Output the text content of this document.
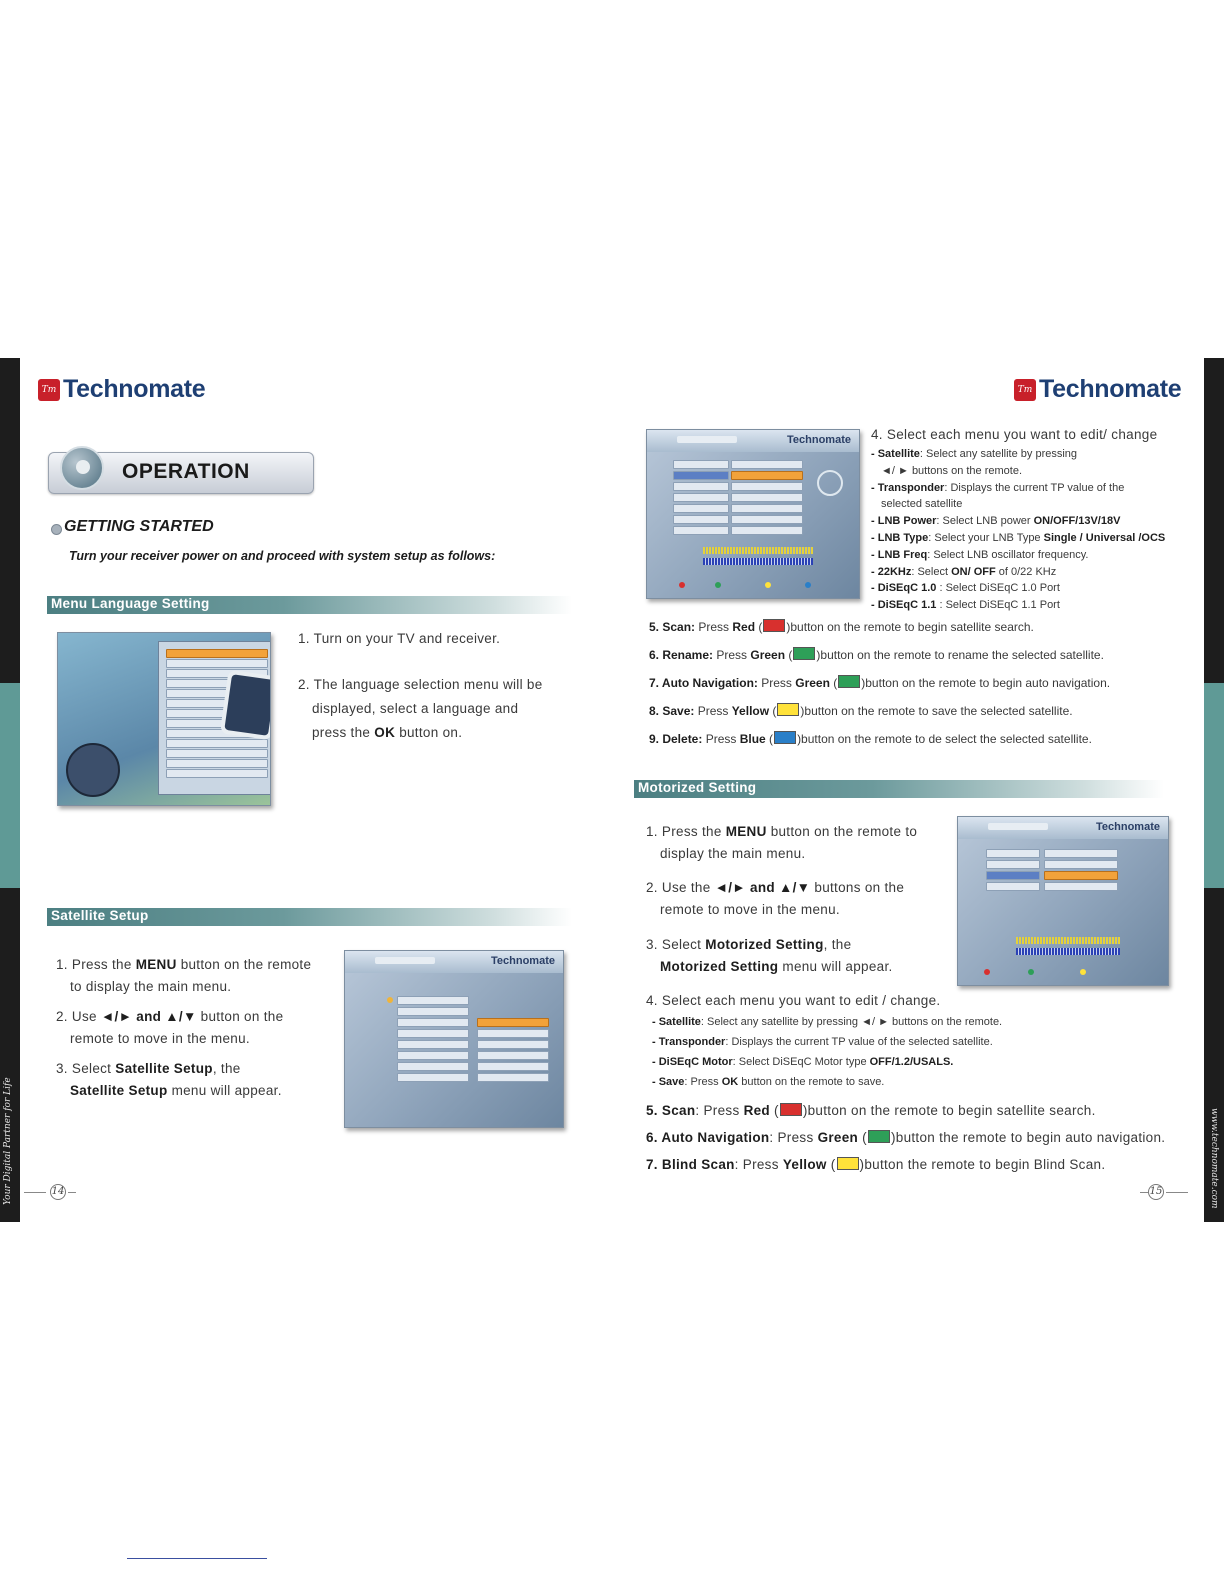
Your Digital Partner for Life	www.technomate.com
Tm Technomate	Tm Technomate
OPERATION
GETTING STARTED
Turn your receiver power on and proceed with system setup as follows:
Menu Language Setting
1. Turn on your TV and receiver.
2. The language selection menu will be
displayed, select a language and
press the OK button on.
Satellite Setup
1. Press the MENU button on the remote
to display the main menu.
2. Use ◄/► and ▲/▼ button on the
remote to move in the menu.
3. Select Satellite Setup, the
Satellite Setup menu will appear.
Technomate
14
Technomate 4. Select each menu you want to edit/ change
- Satellite: Select any satellite by pressing
◄/ ► buttons on the remote.
- Transponder: Displays the current TP value of the
selected satellite
- LNB Power: Select LNB power ON/OFF/13V/18V
- LNB Type: Select your LNB Type Single / Universal /OCS
- LNB Freq: Select LNB oscillator frequency.
- 22KHz: Select ON/ OFF of 0/22 KHz
- DiSEqC 1.0 : Select DiSEqC 1.0 Port
- DiSEqC 1.1 : Select DiSEqC 1.1 Port
5. Scan: Press Red ( )button on the remote to begin satellite search.
6. Rename: Press Green ( )button on the remote to rename the selected satellite.
7. Auto Navigation: Press Green ( )button on the remote to begin auto navigation.
8. Save: Press Yellow ( )button on the remote to save the selected satellite.
9. Delete: Press Blue ( )button on the remote to de select the selected satellite.
Motorized Setting
1. Press the MENU button on the remote to
display the main menu.
2. Use the ◄/► and ▲/▼ buttons on the
remote to move in the menu.
3. Select Motorized Setting, the
Motorized Setting menu will appear.
Technomate
4. Select each menu you want to edit / change.
- Satellite: Select any satellite by pressing ◄/ ► buttons on the remote.
- Transponder: Displays the current TP value of the selected satellite.
- DiSEqC Motor: Select DiSEqC Motor type OFF/1.2/USALS.
- Save: Press OK button on the remote to save.
5. Scan: Press Red ( )button on the remote to begin satellite search.
6. Auto Navigation: Press Green ( )button the remote to begin auto navigation.
7. Blind Scan: Press Yellow ( )button the remote to begin Blind Scan.
15
